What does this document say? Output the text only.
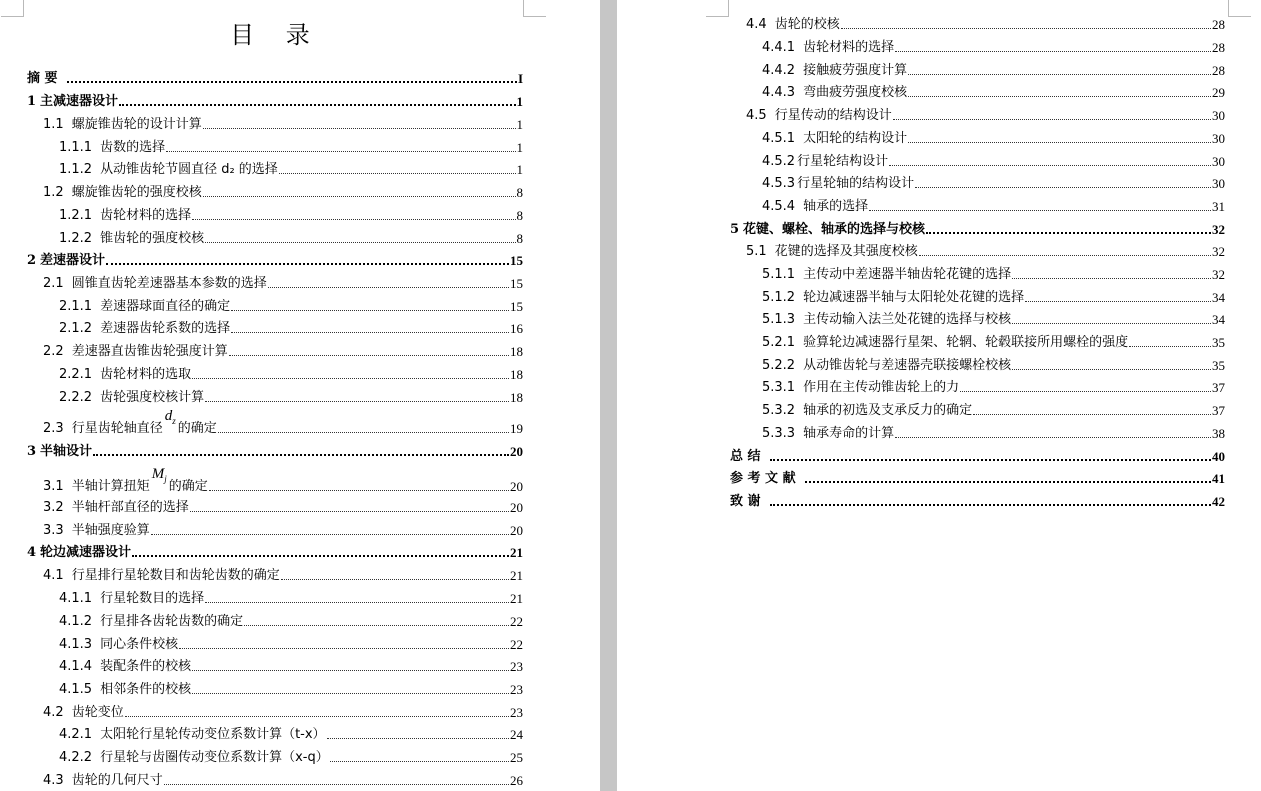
目 录
摘 要	I
1 主减速器设计	1
1.1 螺旋锥齿轮的设计计算	1
1.1.1 齿数的选择	1
1.1.2 从动锥齿轮节圆直径 d₂ 的选择	1
1.2 螺旋锥齿轮的强度校核	8
1.2.1 齿轮材料的选择	8
1.2.2 锥齿轮的强度校核	8
2 差速器设计	15
2.1 圆锥直齿轮差速器基本参数的选择	15
2.1.1 差速器球面直径的确定	15
2.1.2 差速器齿轮系数的选择	16
2.2 差速器直齿锥齿轮强度计算	18
2.2.1 齿轮材料的选取	18
2.2.2 齿轮强度校核计算	18
2.3 行星齿轮轴直径
$d_z$ 的确定	19
3 半轴设计	20
3.1 半轴计算扭矩
$M_j$ 的确定	20
3.2 半轴杆部直径的选择	20
3.3 半轴强度验算	20
4 轮边减速器设计	21
4.1 行星排行星轮数目和齿轮齿数的确定	21
4.1.1 行星轮数目的选择	21
4.1.2 行星排各齿轮齿数的确定	22
4.1.3 同心条件校核	22
4.1.4 装配条件的校核	23
4.1.5 相邻条件的校核	23
4.2 齿轮变位	23
4.2.1 太阳轮行星轮传动变位系数计算（t-x）	24
4.2.2 行星轮与齿圈传动变位系数计算（x-q）	25
4.3 齿轮的几何尺寸	26
4.4 齿轮的校核	28
4.4.1 齿轮材料的选择	28
4.4.2 接触疲劳强度计算	28
4.4.3 弯曲疲劳强度校核	29
4.5 行星传动的结构设计	30
4.5.1 太阳轮的结构设计	30
4.5.2 行星轮结构设计	30
4.5.3 行星轮轴的结构设计	30
4.5.4 轴承的选择	31
5 花键、螺栓、轴承的选择与校核	32
5.1 花键的选择及其强度校核	32
5.1.1 主传动中差速器半轴齿轮花键的选择	32
5.1.2 轮边减速器半轴与太阳轮处花键的选择	34
5.1.3 主传动输入法兰处花键的选择与校核	34
5.2.1 验算轮边减速器行星架、轮辋、轮毂联接所用螺栓的强度	35
5.2.2 从动锥齿轮与差速器壳联接螺栓校核	35
5.3.1 作用在主传动锥齿轮上的力	37
5.3.2 轴承的初选及支承反力的确定	37
5.3.3 轴承寿命的计算	38
总 结	40
参 考 文 献	41
致 谢	42
